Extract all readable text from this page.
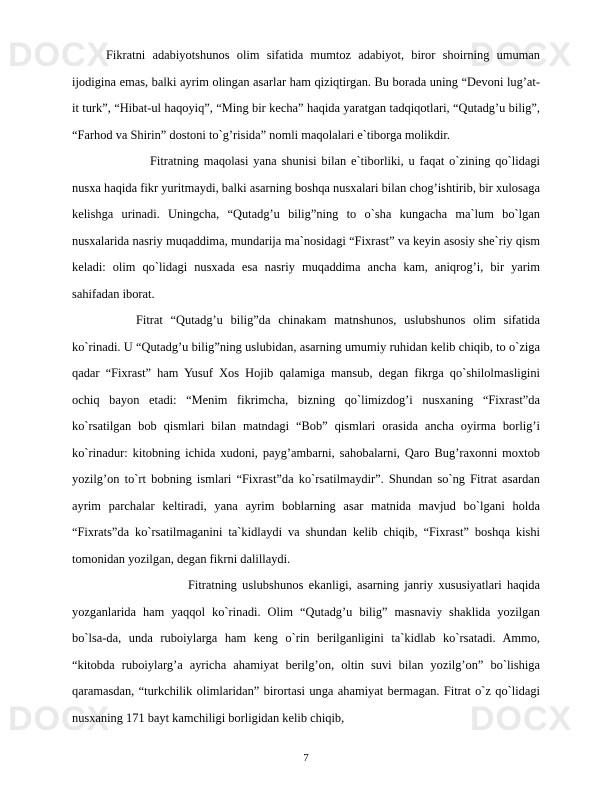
DOCX	DOCX
DOCX	DOCX

Fikratni adabiyotshunos olim sifatida mumtoz adabiyot, biror shoirning umuman ijodigina emas, balki ayrim olingan asarlar ham qiziqtirgan. Bu borada uning “Devoni lug’at-it turk”, “Hibat-ul haqoyiq”, “Ming bir kecha” haqida yaratgan tadqiqotlari, “Qutadg’u bilig”, “Farhod va Shirin” dostoni to`g’risida” nomli maqolalari e`tiborga molikdir.

Fitratning maqolasi yana shunisi bilan e`tiborliki, u faqat o`zining qo`lidagi nusxa haqida fikr yuritmaydi, balki asarning boshqa nusxalari bilan chog’ishtirib, bir xulosaga kelishga urinadi. Uningcha, “Qutadg’u bilig”ning to o`sha kungacha ma`lum bo`lgan nusxalarida nasriy muqaddima, mundarija ma`nosidagi “Fixrast” va keyin asosiy she`riy qism keladi: olim qo`lidagi nusxada esa nasriy muqaddima ancha kam, aniqrog’i, bir yarim sahifadan iborat.

Fitrat “Qutadg’u bilig”da chinakam matnshunos, uslubshunos olim sifatida ko`rinadi. U “Qutadg’u bilig”ning uslubidan, asarning umumiy ruhidan kelib chiqib, to o`ziga qadar “Fixrast” ham Yusuf Xos Hojib qalamiga mansub, degan fikrga qo`shilolmasligini ochiq bayon etadi: “Menim fikrimcha, bizning qo`limizdog’i nusxaning “Fixrast”da ko`rsatilgan bob qismlari bilan matndagi “Bob” qismlari orasida ancha oyirma borlig’i ko`rinadur: kitobning ichida xudoni, payg’ambarni, sahobalarni, Qaro Bug’raxonni moxtob yozilg’on to`rt bobning ismlari “Fixrast”da ko`rsatilmaydir”. Shundan so`ng Fitrat asardan ayrim parchalar keltiradi, yana ayrim boblarning asar matnida mavjud bo`lgani holda “Fixrats”da ko`rsatilmaganini ta`kidlaydi va shundan kelib chiqib, “Fixrast” boshqa kishi tomonidan yozilgan, degan fikrni dalillaydi.

Fitratning uslubshunos ekanligi, asarning janriy xususiyatlari haqida yozganlarida ham yaqqol ko`rinadi. Olim “Qutadg’u bilig” masnaviy shaklida yozilgan bo`lsa-da, unda ruboiylarga ham keng o`rin berilganligini ta`kidlab ko`rsatadi. Ammo, “kitobda ruboiylarg’a ayricha ahamiyat berilg’on, oltin suvi bilan yozilg’on” bo`lishiga qaramasdan, “turkchilik olimlaridan” birortasi unga ahamiyat bermagan. Fitrat o`z qo`lidagi nusxaning 171 bayt kamchiligi borligidan kelib chiqib,

7
